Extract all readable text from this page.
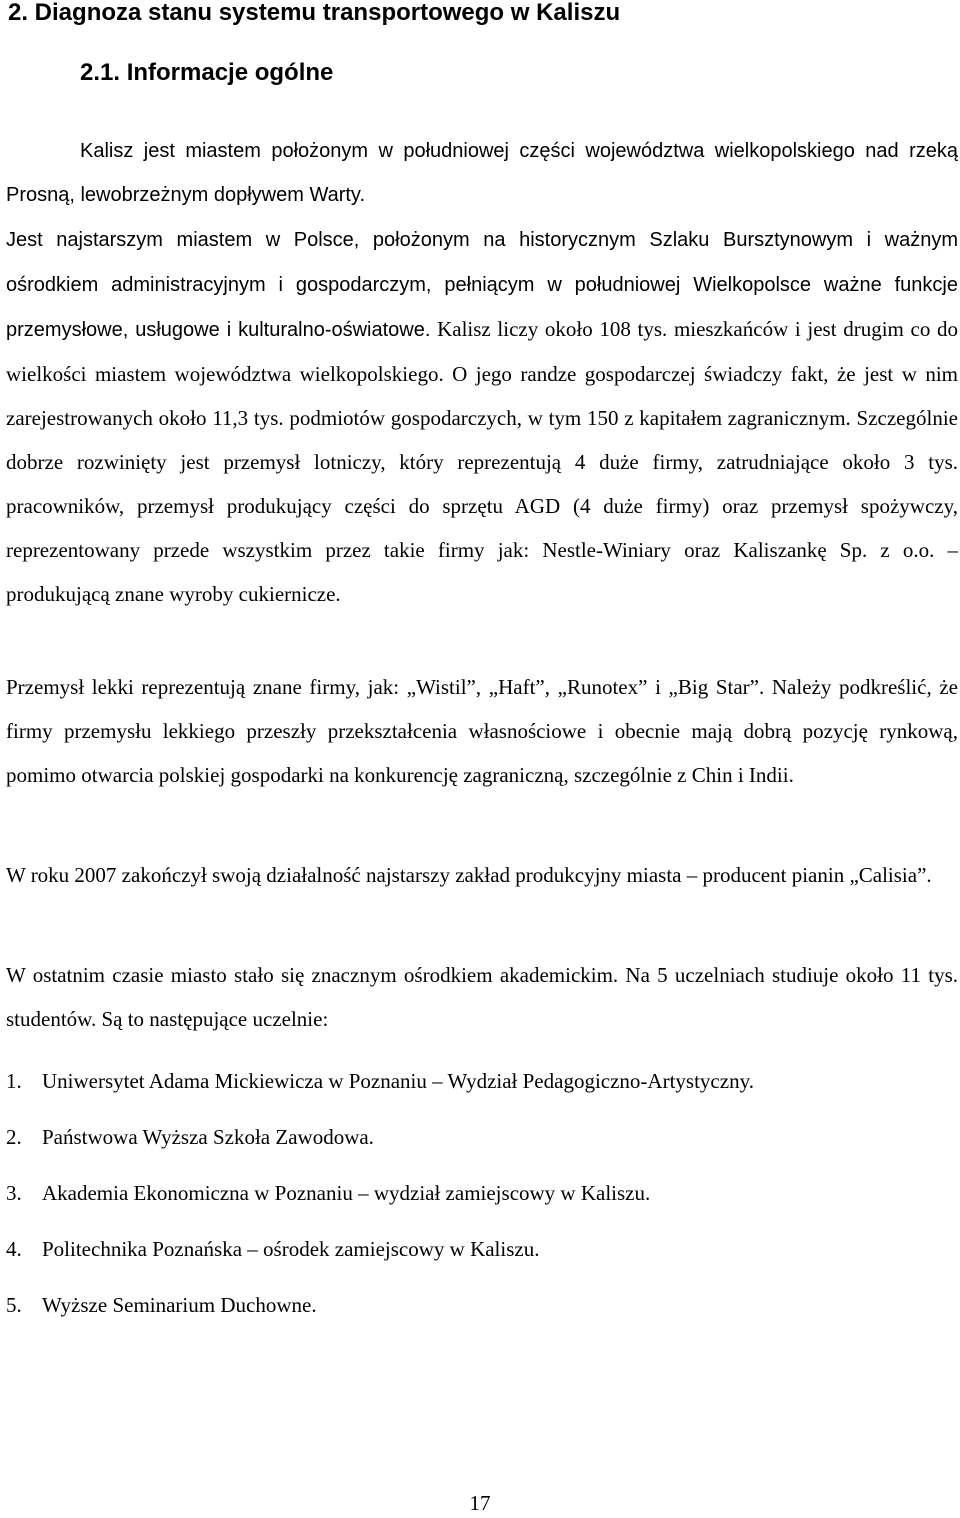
2. Diagnoza stanu systemu transportowego w Kaliszu
2.1. Informacje ogólne

Kalisz jest miastem położonym w południowej części województwa wielkopolskiego nad rzeką Prosną, lewobrzeżnym dopływem Warty.

Jest najstarszym miastem w Polsce, położonym na historycznym Szlaku Bursztynowym i ważnym ośrodkiem administracyjnym i gospodarczym, pełniącym w południowej Wielkopolsce ważne funkcje przemysłowe, usługowe i kulturalno-oświatowe. Kalisz liczy około 108 tys. mieszkańców i jest drugim co do wielkości miastem województwa wielkopolskiego. O jego randze gospodarczej świadczy fakt, że jest w nim zarejestrowanych około 11,3 tys. podmiotów gospodarczych, w tym 150 z kapitałem zagranicznym. Szczególnie dobrze rozwinięty jest przemysł lotniczy, który reprezentują 4 duże firmy, zatrudniające około 3 tys. pracowników, przemysł produkujący części do sprzętu AGD (4 duże firmy) oraz przemysł spożywczy, reprezentowany przede wszystkim przez takie firmy jak: Nestle-Winiary oraz Kaliszankę Sp. z o.o. – produkującą znane wyroby cukiernicze.

Przemysł lekki reprezentują znane firmy, jak: „Wistil”, „Haft”, „Runotex” i „Big Star”. Należy podkreślić, że firmy przemysłu lekkiego przeszły przekształcenia własnościowe i obecnie mają dobrą pozycję rynkową, pomimo otwarcia polskiej gospodarki na konkurencję zagraniczną, szczególnie z Chin i Indii.

W roku 2007 zakończył swoją działalność najstarszy zakład produkcyjny miasta – producent pianin „Calisia”.

W ostatnim czasie miasto stało się znacznym ośrodkiem akademickim. Na 5 uczelniach studiuje około 11 tys. studentów. Są to następujące uczelnie:

1. Uniwersytet Adama Mickiewicza w Poznaniu – Wydział Pedagogiczno-Artystyczny.
2. Państwowa Wyższa Szkoła Zawodowa.
3. Akademia Ekonomiczna w Poznaniu – wydział zamiejscowy w Kaliszu.
4. Politechnika Poznańska – ośrodek zamiejscowy w Kaliszu.
5. Wyższe Seminarium Duchowne.
17
